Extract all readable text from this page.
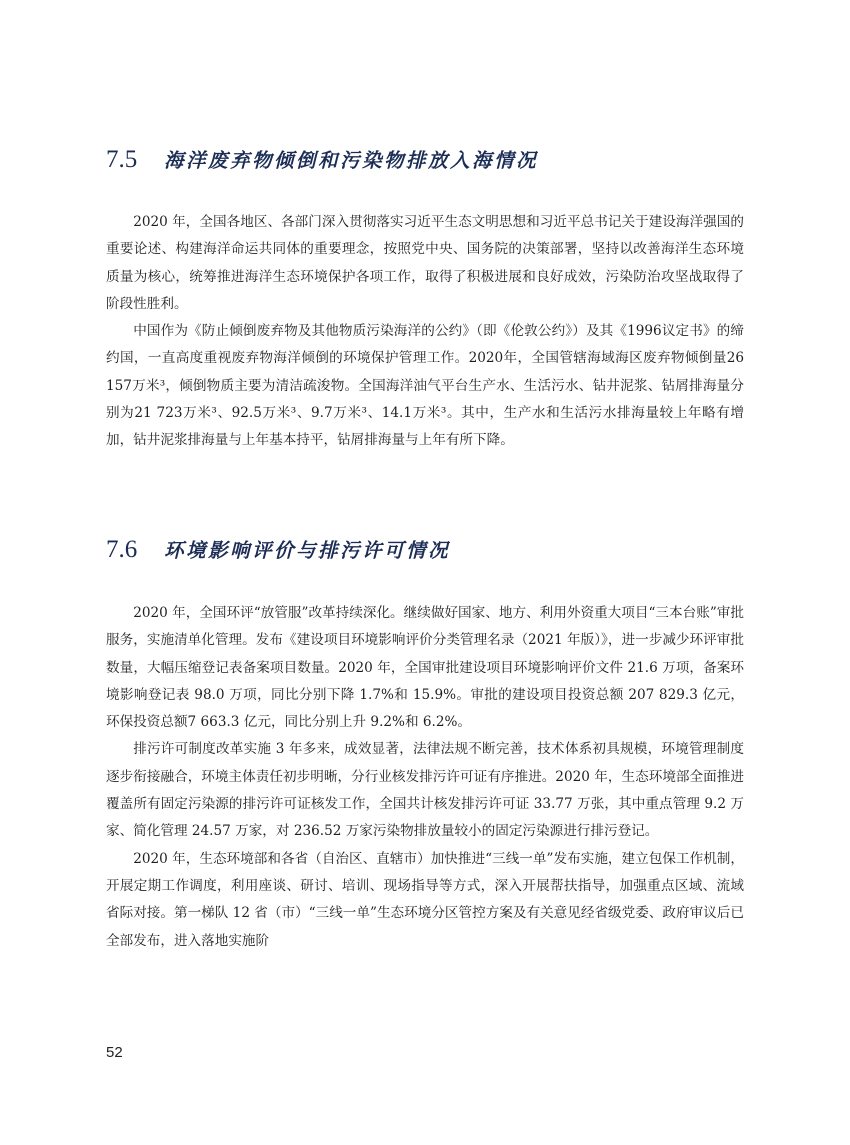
7.5	海洋废弃物倾倒和污染物排放入海情况

2020 年，全国各地区、各部门深入贯彻落实习近平生态文明思想和习近平总书记关于建设海洋强国的重要论述、构建海洋命运共同体的重要理念，按照党中央、国务院的决策部署，坚持以改善海洋生态环境质量为核心，统筹推进海洋生态环境保护各项工作，取得了积极进展和良好成效，污染防治攻坚战取得了阶段性胜利。

中国作为《防止倾倒废弃物及其他物质污染海洋的公约》（即《伦敦公约》）及其《1996议定书》的缔约国，一直高度重视废弃物海洋倾倒的环境保护管理工作。2020年，全国管辖海域海区废弃物倾倒量26 157万米³，倾倒物质主要为清洁疏浚物。全国海洋油气平台生产水、生活污水、钻井泥浆、钻屑排海量分别为21 723万米³、92.5万米³、9.7万米³、14.1万米³。其中，生产水和生活污水排海量较上年略有增加，钻井泥浆排海量与上年基本持平，钻屑排海量与上年有所下降。

7.6	环境影响评价与排污许可情况

2020 年，全国环评“放管服”改革持续深化。继续做好国家、地方、利用外资重大项目“三本台账”审批服务，实施清单化管理。发布《建设项目环境影响评价分类管理名录（2021 年版）》，进一步减少环评审批数量，大幅压缩登记表备案项目数量。2020 年，全国审批建设项目环境影响评价文件 21.6 万项，备案环境影响登记表 98.0 万项，同比分别下降 1.7%和 15.9%。审批的建设项目投资总额 207 829.3 亿元，环保投资总额7 663.3 亿元，同比分别上升 9.2%和 6.2%。

排污许可制度改革实施 3 年多来，成效显著，法律法规不断完善，技术体系初具规模，环境管理制度逐步衔接融合，环境主体责任初步明晰，分行业核发排污许可证有序推进。2020 年，生态环境部全面推进覆盖所有固定污染源的排污许可证核发工作，全国共计核发排污许可证 33.77 万张，其中重点管理 9.2 万家、简化管理 24.57 万家，对 236.52 万家污染物排放量较小的固定污染源进行排污登记。

2020 年，生态环境部和各省（自治区、直辖市）加快推进“三线一单”发布实施，建立包保工作机制，开展定期工作调度，利用座谈、研讨、培训、现场指导等方式，深入开展帮扶指导，加强重点区域、流域省际对接。第一梯队 12 省（市）“三线一单”生态环境分区管控方案及有关意见经省级党委、政府审议后已全部发布，进入落地实施阶

52
